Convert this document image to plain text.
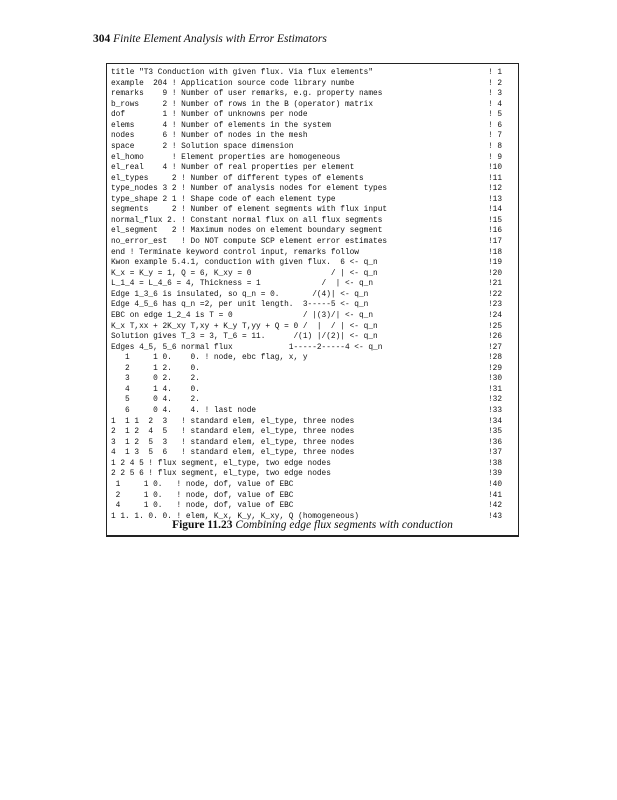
304 Finite Element Analysis with Error Estimators
title "T3 Conduction with given flux. Via flux elements"	! 1
example  204 ! Application source code library numbe	! 2
remarks    9 ! Number of user remarks, e.g. property names	! 3
b_rows     2 ! Number of rows in the B (operator) matrix	! 4
dof        1 ! Number of unknowns per node	! 5
elems      4 ! Number of elements in the system	! 6
nodes      6 ! Number of nodes in the mesh	! 7
space      2 ! Solution space dimension	! 8
el_homo      ! Element properties are homogeneous	! 9
el_real    4 ! Number of real properties per element	!10
el_types     2 ! Number of different types of elements	!11
type_nodes 3 2 ! Number of analysis nodes for element types	!12
type_shape 2 1 ! Shape code of each element type	!13
segments     2 ! Number of element segments with flux input	!14
normal_flux 2. ! Constant normal flux on all flux segments	!15
el_segment   2 ! Maximum nodes on element boundary segment	!16
no_error_est   ! Do NOT compute SCP element error estimates	!17
end ! Terminate keyword control input, remarks follow	!18
Kwon example 5.4.1, conduction with given flux.  6 <- q_n	!19
K_x = K_y = 1, Q = 6, K_xy = 0                 / | <- q_n	!20
L_1_4 = L_4_6 = 4, Thickness = 1             /  | <- q_n	!21
Edge 1_3_6 is insulated, so q_n = 0.       /(4)| <- q_n	!22
Edge 4_5_6 has q_n =2, per unit length.  3-----5 <- q_n	!23
EBC on edge 1_2_4 is T = 0               / |(3)/| <- q_n	!24
K_x T,xx + 2K_xy T,xy + K_y T,yy + Q = 0 /  |  / | <- q_n	!25
Solution gives T_3 = 3, T_6 = 11.      /(1) |/(2)| <- q_n	!26
Edges 4_5, 5_6 normal flux            1-----2-----4 <- q_n	!27
1     1 0.    0. ! node, ebc flag, x, y	!28
2     1 2.    0.	!29
3     0 2.    2.	!30
4     1 4.    0.	!31
5     0 4.    2.	!32
6     0 4.    4. ! last node	!33
1  1 1  2  3   ! standard elem, el_type, three nodes	!34
2  1 2  4  5   ! standard elem, el_type, three nodes	!35
3  1 2  5  3   ! standard elem, el_type, three nodes	!36
4  1 3  5  6   ! standard elem, el_type, three nodes	!37
1 2 4 5 ! flux segment, el_type, two edge nodes	!38
2 2 5 6 ! flux segment, el_type, two edge nodes	!39
1     1 0.   ! node, dof, value of EBC	!40
2     1 0.   ! node, dof, value of EBC	!41
4     1 0.   ! node, dof, value of EBC	!42
1 1. 1. 0. 0. ! elem, K_x, K_y, K_xy, Q (homogeneous)	!43
Figure 11.23 Combining edge flux segments with conduction
